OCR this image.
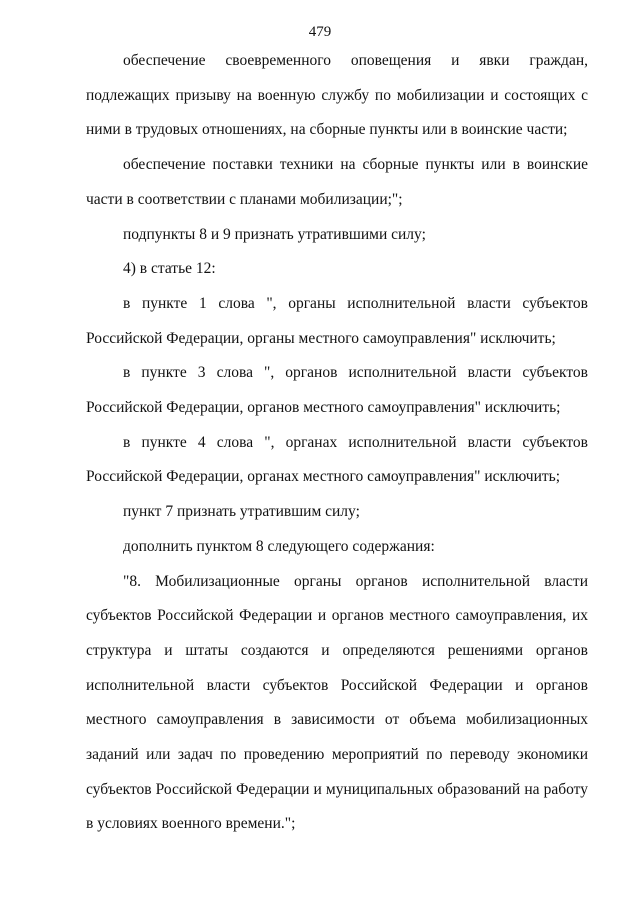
479

обеспечение своевременного оповещения и явки граждан, подлежащих призыву на военную службу по мобилизации и состоящих с ними в трудовых отношениях, на сборные пункты или в воинские части;

обеспечение поставки техники на сборные пункты или в воинские части в соответствии с планами мобилизации;";

подпункты 8 и 9 признать утратившими силу;

4) в статье 12:

в пункте 1 слова ", органы исполнительной власти субъектов Российской Федерации, органы местного самоуправления" исключить;

в пункте 3 слова ", органов исполнительной власти субъектов Российской Федерации, органов местного самоуправления" исключить;

в пункте 4 слова ", органах исполнительной власти субъектов Российской Федерации, органах местного самоуправления" исключить;

пункт 7 признать утратившим силу;

дополнить пунктом 8 следующего содержания:

"8. Мобилизационные органы органов исполнительной власти субъектов Российской Федерации и органов местного самоуправления, их структура и штаты создаются и определяются решениями органов исполнительной власти субъектов Российской Федерации и органов местного самоуправления в зависимости от объема мобилизационных заданий или задач по проведению мероприятий по переводу экономики субъектов Российской Федерации и муниципальных образований на работу в условиях военного времени.";
